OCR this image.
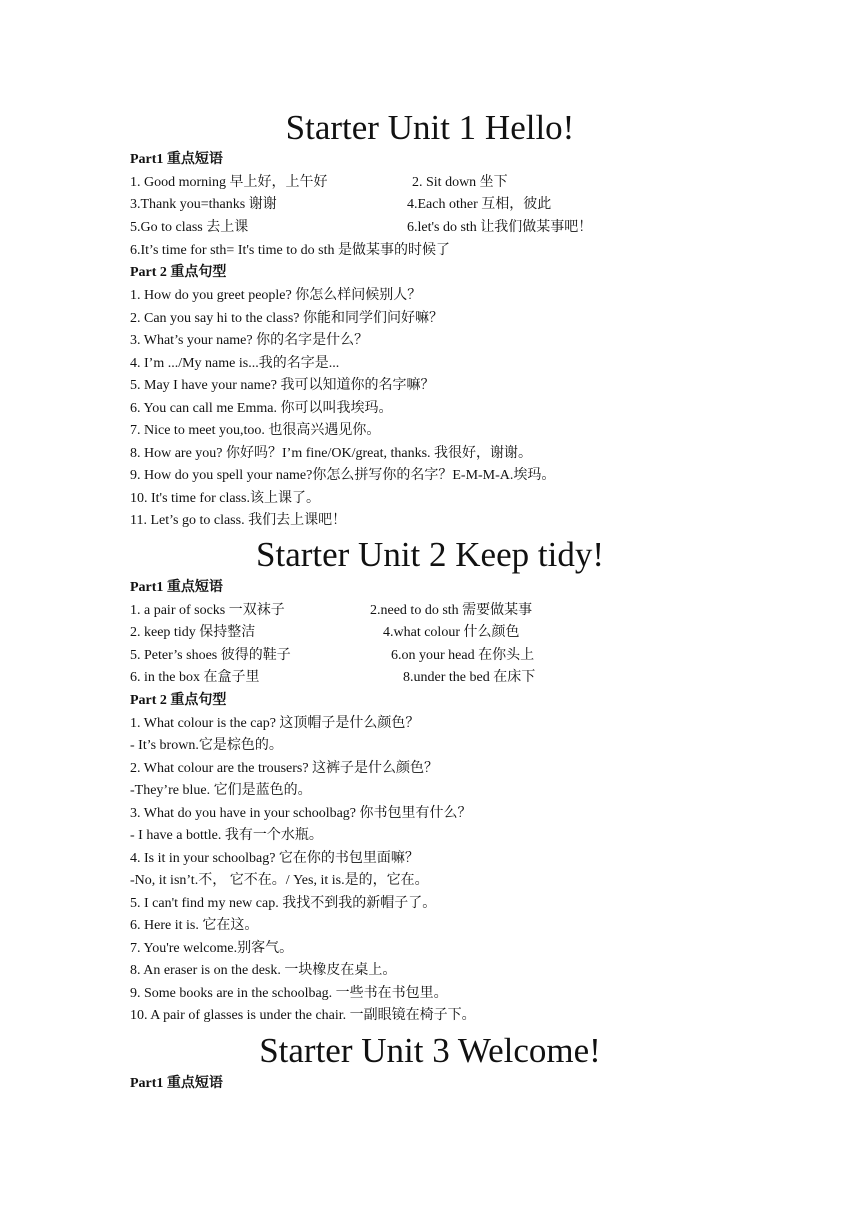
Starter Unit 1 Hello!
Part1 重点短语
1. Good morning 早上好，上午好	2. Sit down 坐下
3.Thank you=thanks 谢谢	4.Each other 互相，彼此
5.Go to class 去上课	6.let's do sth 让我们做某事吧！
6.It’s time for sth= It's time to do sth 是做某事的时候了
Part 2 重点句型
1. How do you greet people? 你怎么样问候别人？
2. Can you say hi to the class? 你能和同学们问好嘛？
3. What’s your name? 你的名字是什么？
4. I’m .../My name is...我的名字是...
5. May I have your name? 我可以知道你的名字嘛？
6. You can call me Emma. 你可以叫我埃玛。
7. Nice to meet you,too. 也很高兴遇见你。
8. How are you? 你好吗？I’m fine/OK/great, thanks. 我很好，谢谢。
9. How do you spell your name?你怎么拼写你的名字？E-M-M-A.埃玛。
10. It's time for class.该上课了。
11. Let’s go to class. 我们去上课吧！
Starter Unit 2 Keep tidy!
Part1 重点短语
1. a pair of socks 一双袜子	2.need to do sth 需要做某事
2. keep tidy 保持整洁	4.what colour 什么颜色
5. Peter’s shoes 彼得的鞋子	6.on your head 在你头上
6. in the box 在盒子里	8.under the bed 在床下
Part 2 重点句型
1. What colour is the cap? 这顶帽子是什么颜色？
- It’s brown.它是棕色的。
2. What colour are the trousers? 这裤子是什么颜色？
-They’re blue. 它们是蓝色的。
3. What do you have in your schoolbag? 你书包里有什么？
- I have a bottle. 我有一个水瓶。
4. Is it in your schoolbag? 它在你的书包里面嘛？
-No, it isn’t.不， 它不在。/ Yes, it is.是的，它在。
5. I can't find my new cap. 我找不到我的新帽子了。
6. Here it is. 它在这。
7. You're welcome.别客气。
8. An eraser is on the desk. 一块橡皮在桌上。
9. Some books are in the schoolbag. 一些书在书包里。
10. A pair of glasses is under the chair. 一副眼镜在椅子下。
Starter Unit 3 Welcome!
Part1 重点短语
